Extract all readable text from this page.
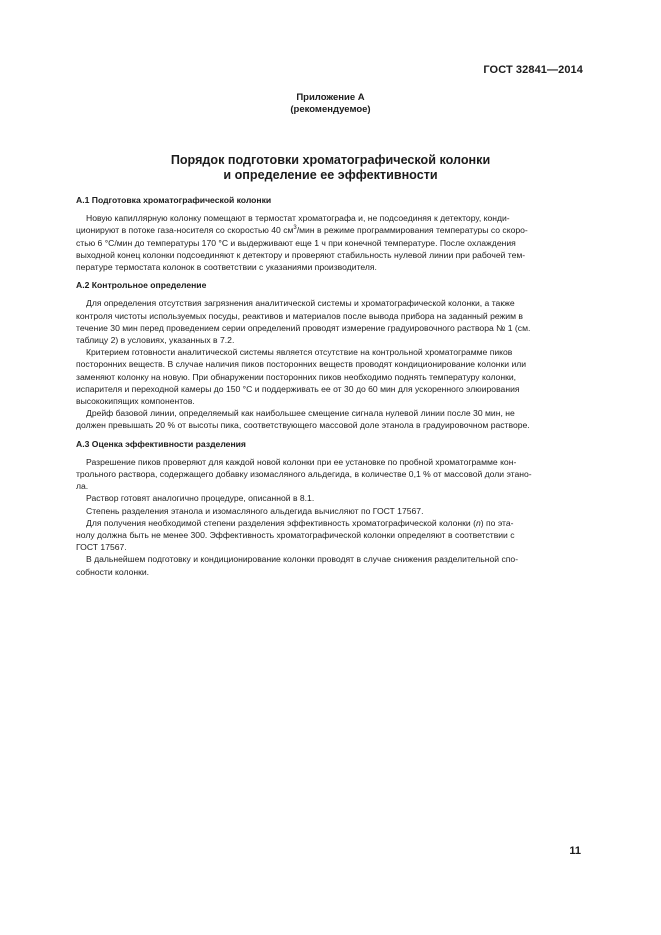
ГОСТ 32841—2014
Приложение А
(рекомендуемое)
Порядок подготовки хроматографической колонки
и определение ее эффективности
А.1 Подготовка хроматографической колонки
Новую капиллярную колонку помещают в термостат хроматографа и, не подсоединяя к детектору, конди-
ционируют в потоке газа-носителя со скоростью 40 $см^3$/мин в режиме программирования температуры со скоро-
стью 6 °С/мин до температуры 170 °С и выдерживают еще 1 ч при конечной температуре. После охлаждения
выходной конец колонки подсоединяют к детектору и проверяют стабильность нулевой линии при рабочей тем-
пературе термостата колонок в соответствии с указаниями производителя.
А.2 Контрольное определение
Для определения отсутствия загрязнения аналитической системы и хроматографической колонки, а также
контроля чистоты используемых посуды, реактивов и материалов после вывода прибора на заданный режим в
течение 30 мин перед проведением серии определений проводят измерение градуировочного раствора № 1 (см.
таблицу 2) в условиях, указанных в 7.2.
Критерием готовности аналитической системы является отсутствие на контрольной хроматограмме пиков
посторонних веществ. В случае наличия пиков посторонних веществ проводят кондиционирование колонки или
заменяют колонку на новую. При обнаружении посторонних пиков необходимо поднять температуру колонки,
испарителя и переходной камеры до 150 °С и поддерживать ее от 30 до 60 мин для ускоренного элюирования
высококипящих компонентов.
Дрейф базовой линии, определяемый как наибольшее смещение сигнала нулевой линии после 30 мин, не
должен превышать 20 % от высоты пика, соответствующего массовой доле этанола в градуировочном растворе.
А.3 Оценка эффективности разделения
Разрешение пиков проверяют для каждой новой колонки при ее установке по пробной хроматограмме кон-
трольного раствора, содержащего добавку изомасляного альдегида, в количестве 0,1 % от массовой доли этано-
ла.
Раствор готовят аналогично процедуре, описанной в 8.1.
Степень разделения этанола и изомасляного альдегида вычисляют по ГОСТ 17567.
Для получения необходимой степени разделения эффективность хроматографической колонки (n) по эта-
нолу должна быть не менее 300. Эффективность хроматографической колонки определяют в соответствии с
ГОСТ 17567.
В дальнейшем подготовку и кондиционирование колонки проводят в случае снижения разделительной спо-
собности колонки.
11
